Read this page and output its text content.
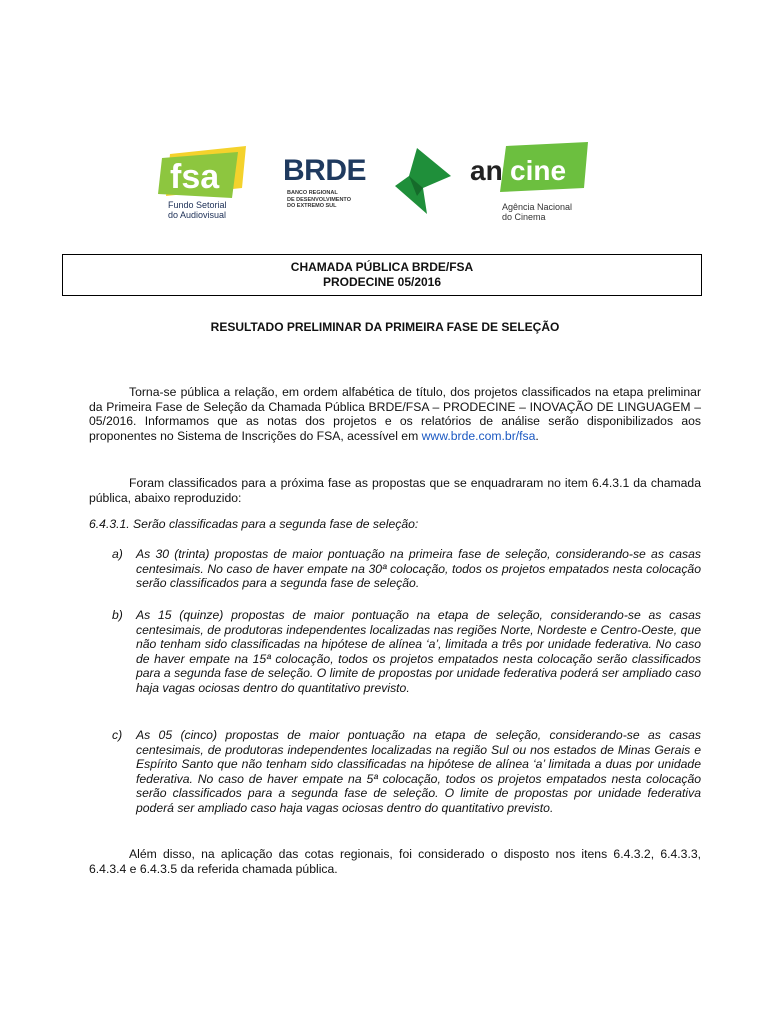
fsa
Fundo Setorial
do Audiovisual
BRDE
BANCO REGIONAL
DE DESENVOLVIMENTO
DO EXTREMO SUL
an cine
Agência Nacional
do Cinema
CHAMADA PÚBLICA BRDE/FSA
PRODECINE 05/2016
RESULTADO PRELIMINAR DA PRIMEIRA FASE DE SELEÇÃO
Torna-se pública a relação, em ordem alfabética de título, dos projetos classificados na etapa preliminar da Primeira Fase de Seleção da Chamada Pública BRDE/FSA – PRODECINE – INOVAÇÃO DE LINGUAGEM – 05/2016. Informamos que as notas dos projetos e os relatórios de análise serão disponibilizados aos proponentes no Sistema de Inscrições do FSA, acessível em www.brde.com.br/fsa.
Foram classificados para a próxima fase as propostas que se enquadraram no item 6.4.3.1 da chamada pública, abaixo reproduzido:
6.4.3.1. Serão classificadas para a segunda fase de seleção:
a) As 30 (trinta) propostas de maior pontuação na primeira fase de seleção, considerando-se as casas centesimais. No caso de haver empate na 30ª colocação, todos os projetos empatados nesta colocação serão classificados para a segunda fase de seleção.
b) As 15 (quinze) propostas de maior pontuação na etapa de seleção, considerando-se as casas centesimais, de produtoras independentes localizadas nas regiões Norte, Nordeste e Centro-Oeste, que não tenham sido classificadas na hipótese de alínea ‘a’, limitada a três por unidade federativa. No caso de haver empate na 15ª colocação, todos os projetos empatados nesta colocação serão classificados para a segunda fase de seleção. O limite de propostas por unidade federativa poderá ser ampliado caso haja vagas ociosas dentro do quantitativo previsto.
c) As 05 (cinco) propostas de maior pontuação na etapa de seleção, considerando-se as casas centesimais, de produtoras independentes localizadas na região Sul ou nos estados de Minas Gerais e Espírito Santo que não tenham sido classificadas na hipótese de alínea ‘a’ limitada a duas por unidade federativa. No caso de haver empate na 5ª colocação, todos os projetos empatados nesta colocação serão classificados para a segunda fase de seleção. O limite de propostas por unidade federativa poderá ser ampliado caso haja vagas ociosas dentro do quantitativo previsto.
Além disso, na aplicação das cotas regionais, foi considerado o disposto nos itens 6.4.3.2, 6.4.3.3, 6.4.3.4 e 6.4.3.5 da referida chamada pública.
